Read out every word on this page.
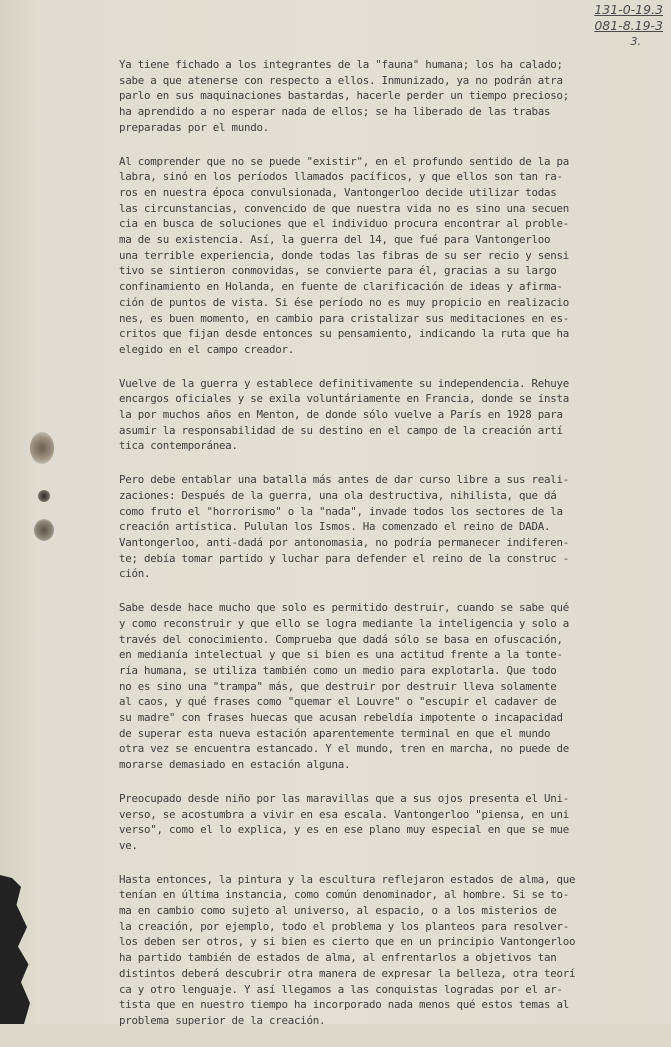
131-0-19.3
081-8.19-3
3.

Ya tiene fichado a los integrantes de la "fauna" humana; los ha calado;
sabe a que atenerse con respecto a ellos. Inmunizado, ya no podrán atra
parlo en sus maquinaciones bastardas, hacerle perder un tiempo precioso;
ha aprendido a no esperar nada de ellos; se ha liberado de las trabas
preparadas por el mundo.

Al comprender que no se puede "existir", en el profundo sentido de la pa
labra, sinó en los períodos llamados pacíficos, y que ellos son tan ra-
ros en nuestra época convulsionada, Vantongerloo decide utilizar todas
las circunstancias, convencido de que nuestra vida no es sino una secuen
cia en busca de soluciones que el individuo procura encontrar al proble-
ma de su existencia. Así, la guerra del 14, que fué para Vantongerloo
una terrible experiencia, donde todas las fibras de su ser recio y sensi
tivo se sintieron conmovidas, se convierte para él, gracias a su largo
confinamiento en Holanda, en fuente de clarificación de ideas y afirma-
ción de puntos de vista. Si ése período no es muy propicio en realizacio
nes, es buen momento, en cambio para cristalizar sus meditaciones en es-
critos que fijan desde entonces su pensamiento, indicando la ruta que ha
elegido en el campo creador.

Vuelve de la guerra y establece definitivamente su independencia. Rehuye
encargos oficiales y se exila voluntáriamente en Francia, donde se insta
la por muchos años en Menton, de donde sólo vuelve a París en 1928 para
asumir la responsabilidad de su destino en el campo de la creación artí
tica contemporánea.

Pero debe entablar una batalla más antes de dar curso libre a sus reali-
zaciones: Después de la guerra, una ola destructiva, nihilista, que dá
como fruto el "horrorismo" o la "nada", invade todos los sectores de la
creación artística. Pululan los Ismos. Ha comenzado el reino de DADA.
Vantongerloo, anti-dadá por antonomasia, no podría permanecer indiferen-
te; debía tomar partido y luchar para defender el reino de la construc -
ción.

Sabe desde hace mucho que solo es permitido destruir, cuando se sabe qué
y como reconstruir y que ello se logra mediante la inteligencia y solo a
través del conocimiento. Comprueba que dadá sólo se basa en ofuscación,
en medianía intelectual y que si bien es una actitud frente a la tonte-
ría humana, se utiliza también como un medio para explotarla. Que todo
no es sino una "trampa" más, que destruir por destruir lleva solamente
al caos, y qué frases como "quemar el Louvre" o "escupir el cadaver de
su madre" con frases huecas que acusan rebeldía impotente o incapacidad
de superar esta nueva estación aparentemente terminal en que el mundo
otra vez se encuentra estancado. Y el mundo, tren en marcha, no puede de
morarse demasiado en estación alguna.

Preocupado desde niño por las maravillas que a sus ojos presenta el Uni-
verso, se acostumbra a vivir en esa escala. Vantongerloo "piensa, en uni
verso", como el lo explica, y es en ese plano muy especial en que se mue
ve.

Hasta entonces, la pintura y la escultura reflejaron estados de alma, que
tenían en última instancia, como común denominador, al hombre. Si se to-
ma en cambio como sujeto al universo, al espacio, o a los misterios de
la creación, por ejemplo, todo el problema y los planteos para resolver-
los deben ser otros, y si bien es cierto que en un principio Vantongerloo
ha partido también de estados de alma, al enfrentarlos a objetivos tan
distintos deberá descubrir otra manera de expresar la belleza, otra teorí
ca y otro lenguaje. Y así llegamos a las conquistas logradas por el ar-
tista que en nuestro tiempo ha incorporado nada menos qué estos temas al
problema superior de la creación.
